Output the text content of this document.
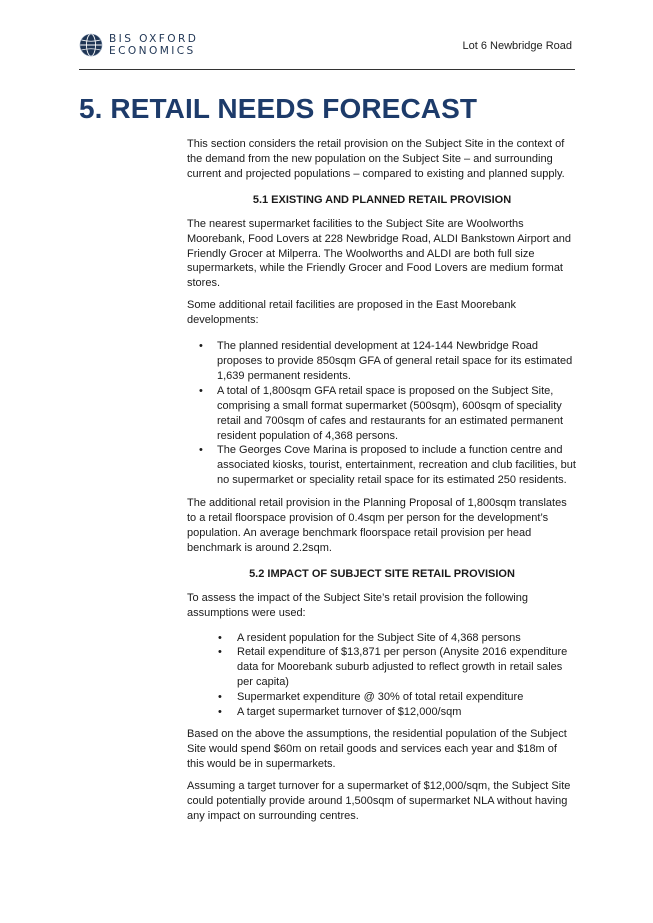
BIS OXFORD
ECONOMICS	Lot 6 Newbridge Road
5. RETAIL NEEDS FORECAST

This section considers the retail provision on the Subject Site in the context of the demand from the new population on the Subject Site – and surrounding current and projected populations – compared to existing and planned supply.

5.1 EXISTING AND PLANNED RETAIL PROVISION

The nearest supermarket facilities to the Subject Site are Woolworths Moorebank, Food Lovers at 228 Newbridge Road, ALDI Bankstown Airport and Friendly Grocer at Milperra. The Woolworths and ALDI are both full size supermarkets, while the Friendly Grocer and Food Lovers are medium format stores.

Some additional retail facilities are proposed in the East Moorebank developments:

• The planned residential development at 124-144 Newbridge Road proposes to provide 850sqm GFA of general retail space for its estimated 1,639 permanent residents.
• A total of 1,800sqm GFA retail space is proposed on the Subject Site, comprising a small format supermarket (500sqm), 600sqm of speciality retail and 700sqm of cafes and restaurants for an estimated permanent resident population of 4,368 persons.
• The Georges Cove Marina is proposed to include a function centre and associated kiosks, tourist, entertainment, recreation and club facilities, but no supermarket or speciality retail space for its estimated 250 residents.

The additional retail provision in the Planning Proposal of 1,800sqm translates to a retail floorspace provision of 0.4sqm per person for the development’s population. An average benchmark floorspace retail provision per head benchmark is around 2.2sqm.

5.2 IMPACT OF SUBJECT SITE RETAIL PROVISION

To assess the impact of the Subject Site’s retail provision the following assumptions were used:

• A resident population for the Subject Site of 4,368 persons
• Retail expenditure of $13,871 per person (Anysite 2016 expenditure data for Moorebank suburb adjusted to reflect growth in retail sales per capita)
• Supermarket expenditure @ 30% of total retail expenditure
• A target supermarket turnover of $12,000/sqm

Based on the above the assumptions, the residential population of the Subject Site would spend $60m on retail goods and services each year and $18m of this would be in supermarkets.

Assuming a target turnover for a supermarket of $12,000/sqm, the Subject Site could potentially provide around 1,500sqm of supermarket NLA without having any impact on surrounding centres.
